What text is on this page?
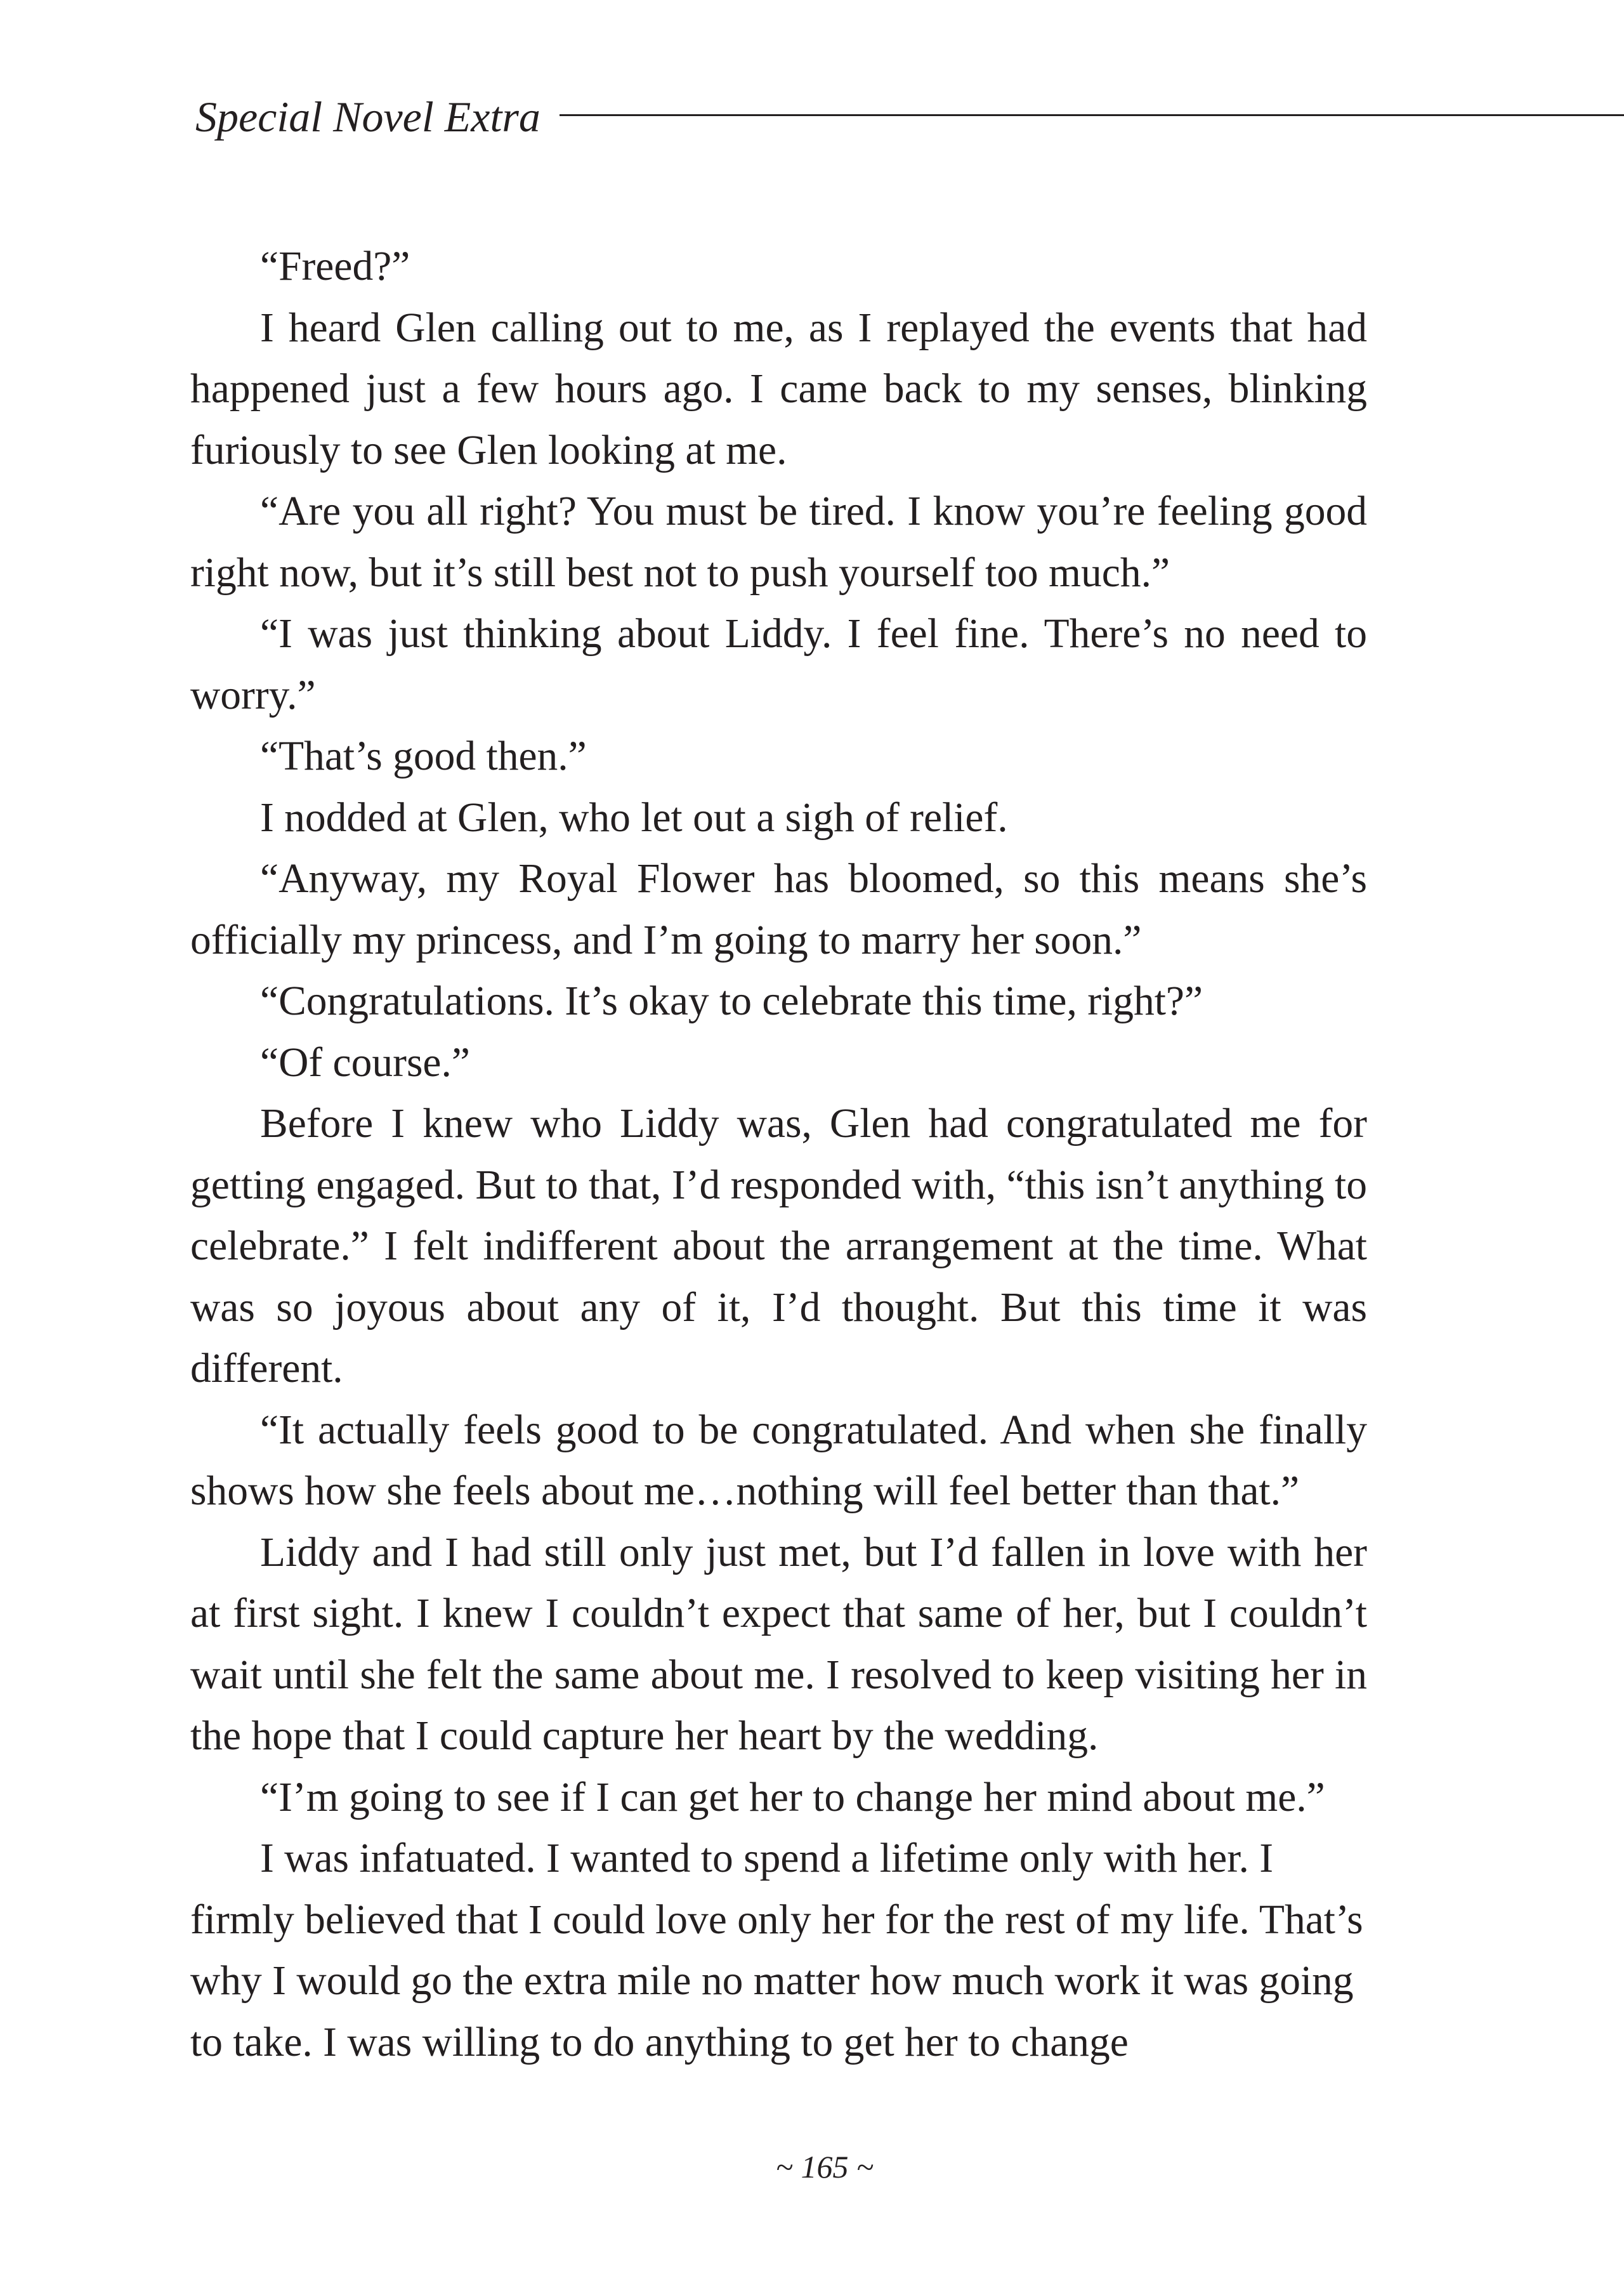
Special Novel Extra

“Freed?”

I heard Glen calling out to me, as I replayed the events that had happened just a few hours ago. I came back to my senses, blinking furiously to see Glen looking at me.

“Are you all right? You must be tired. I know you’re feeling good right now, but it’s still best not to push yourself too much.”

“I was just thinking about Liddy. I feel fine. There’s no need to worry.”

“That’s good then.”

I nodded at Glen, who let out a sigh of relief.

“Anyway, my Royal Flower has bloomed, so this means she’s officially my princess, and I’m going to marry her soon.”

“Congratulations. It’s okay to celebrate this time, right?”

“Of course.”

Before I knew who Liddy was, Glen had congratulated me for getting engaged. But to that, I’d responded with, “this isn’t anything to celebrate.” I felt indifferent about the arrangement at the time. What was so joyous about any of it, I’d thought. But this time it was different.

“It actually feels good to be congratulated. And when she finally shows how she feels about me…nothing will feel better than that.”

Liddy and I had still only just met, but I’d fallen in love with her at first sight. I knew I couldn’t expect that same of her, but I couldn’t wait until she felt the same about me. I resolved to keep visiting her in the hope that I could capture her heart by the wedding.

“I’m going to see if I can get her to change her mind about me.”

I was infatuated. I wanted to spend a lifetime only with her. I firmly believed that I could love only her for the rest of my life. That’s why I would go the extra mile no matter how much work it was going to take. I was willing to do anything to get her to change

~ 165 ~
